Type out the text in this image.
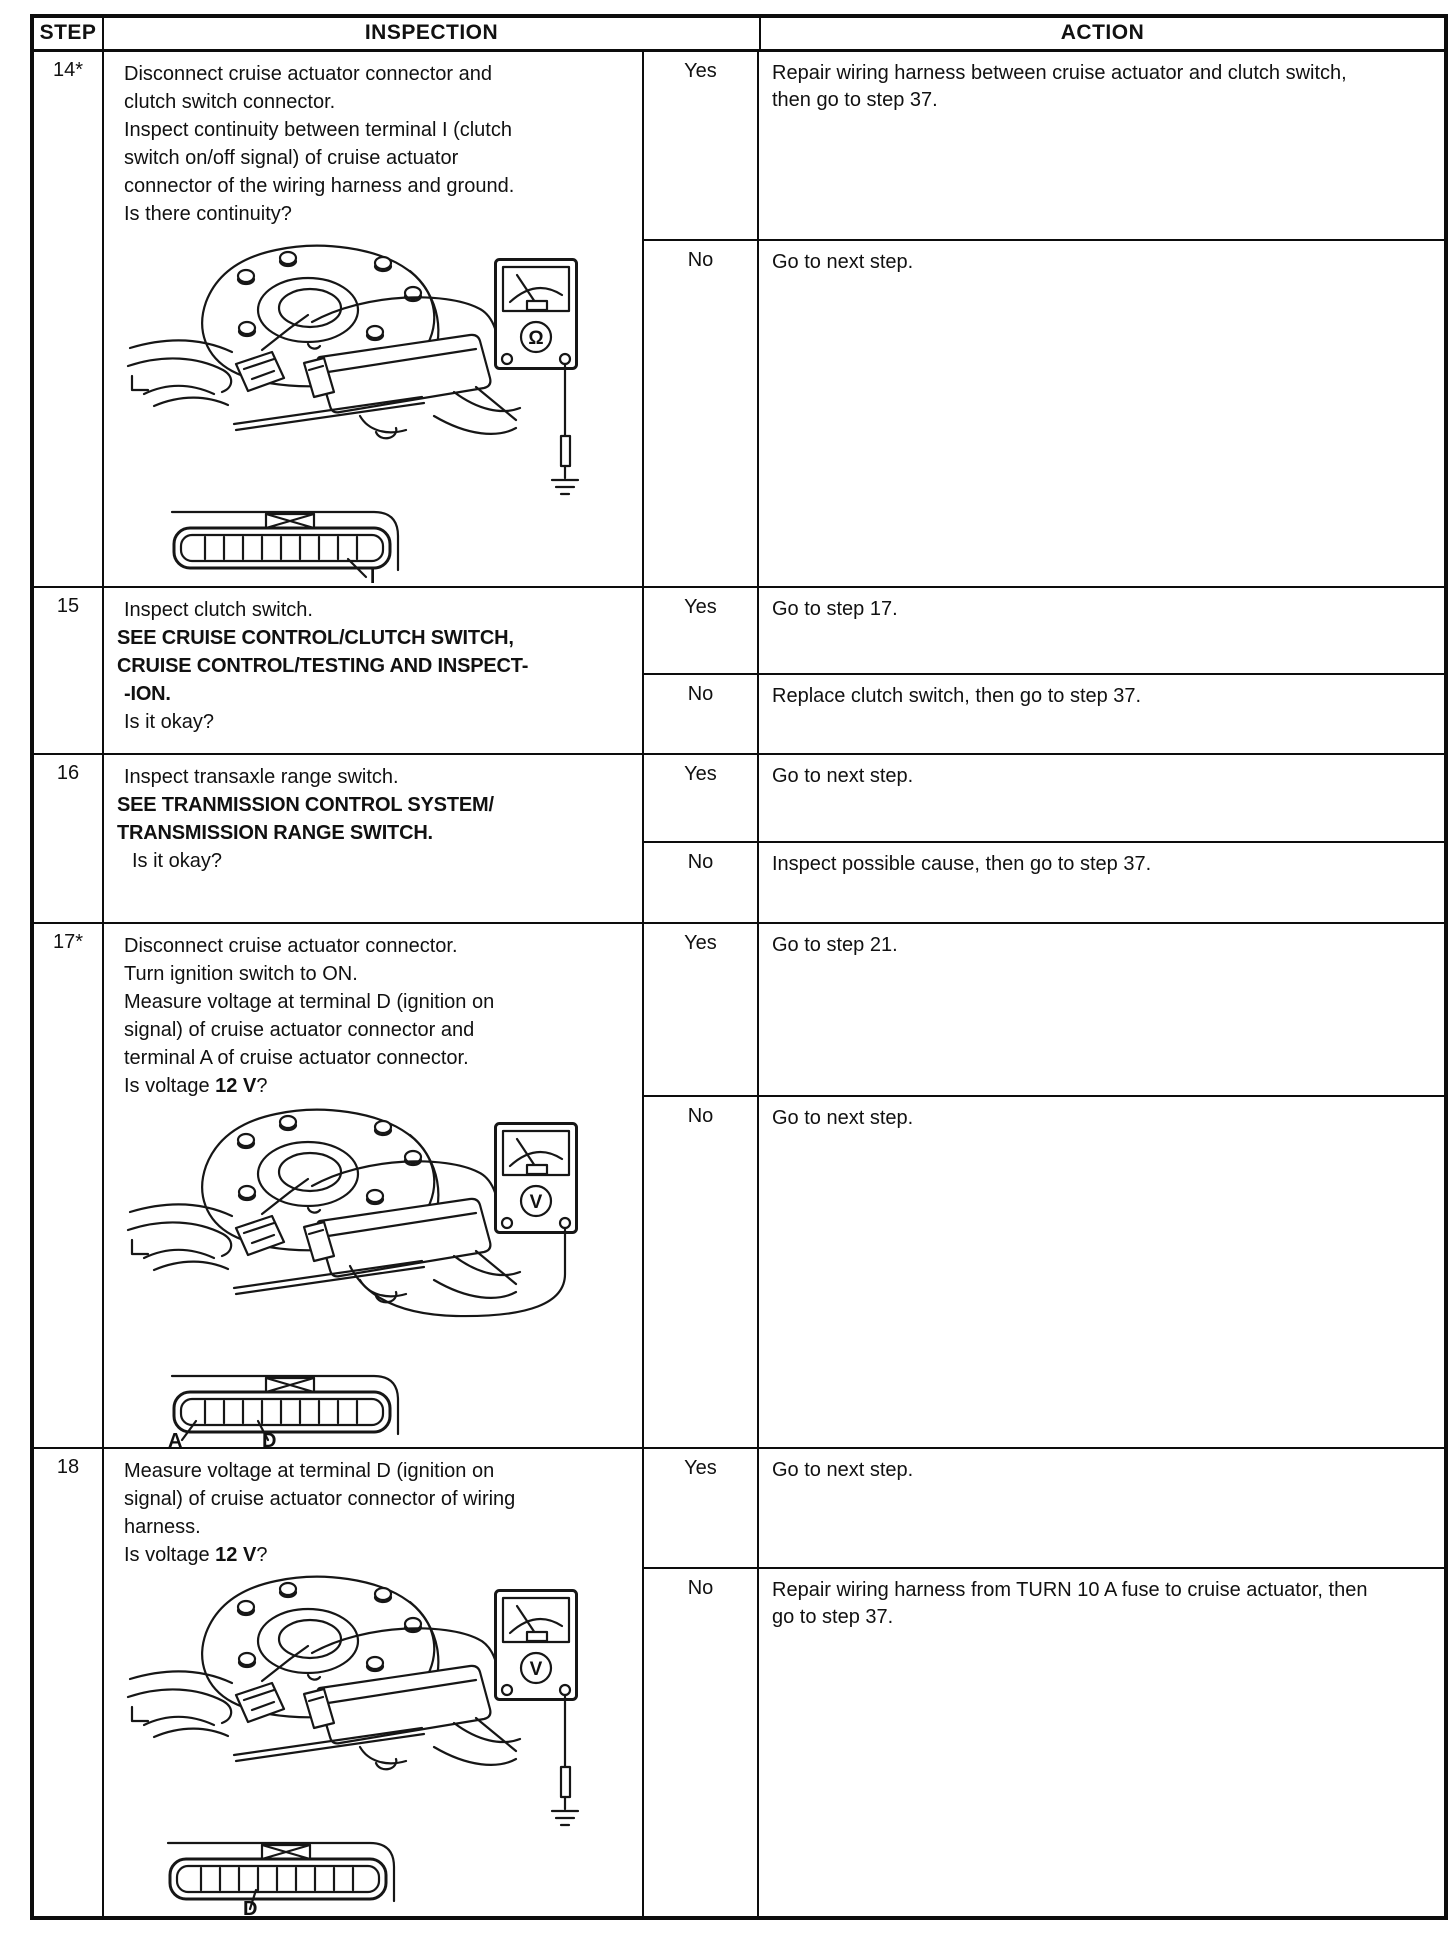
STEP	INSPECTION	ACTION
14*	Disconnect cruise actuator connector and
clutch switch connector.
Inspect continuity between terminal I (clutch
switch on/off signal) of cruise actuator
connector of the wiring harness and ground.
Is there continuity?
Ω
I
Yes	Repair wiring harness between cruise actuator and clutch switch, then go to step 37.

No	Go to next step.

15	Inspect clutch switch.
SEE CRUISE CONTROL/CLUTCH SWITCH,
CRUISE CONTROL/TESTING AND INSPECT-
-ION.
Is it okay?
Yes	Go to step 17.

No	Replace clutch switch, then go to step 37.

16	Inspect transaxle range switch.
SEE TRANMISSION CONTROL SYSTEM/
TRANSMISSION RANGE SWITCH.
Is it okay?
Yes	Go to next step.

No	Inspect possible cause, then go to step 37.

17*	Disconnect cruise actuator connector.
Turn ignition switch to ON.
Measure voltage at terminal D (ignition on
signal) of cruise actuator connector and
terminal A of cruise actuator connector.
Is voltage 12 V?
V
A	D
Yes	Go to step 21.

No	Go to next step.

18	Measure voltage at terminal D (ignition on
signal) of cruise actuator connector of wiring
harness.
Is voltage 12 V?
V
D
Yes	Go to next step.

No	Repair wiring harness from TURN 10 A fuse to cruise actuator, then go to step 37.
